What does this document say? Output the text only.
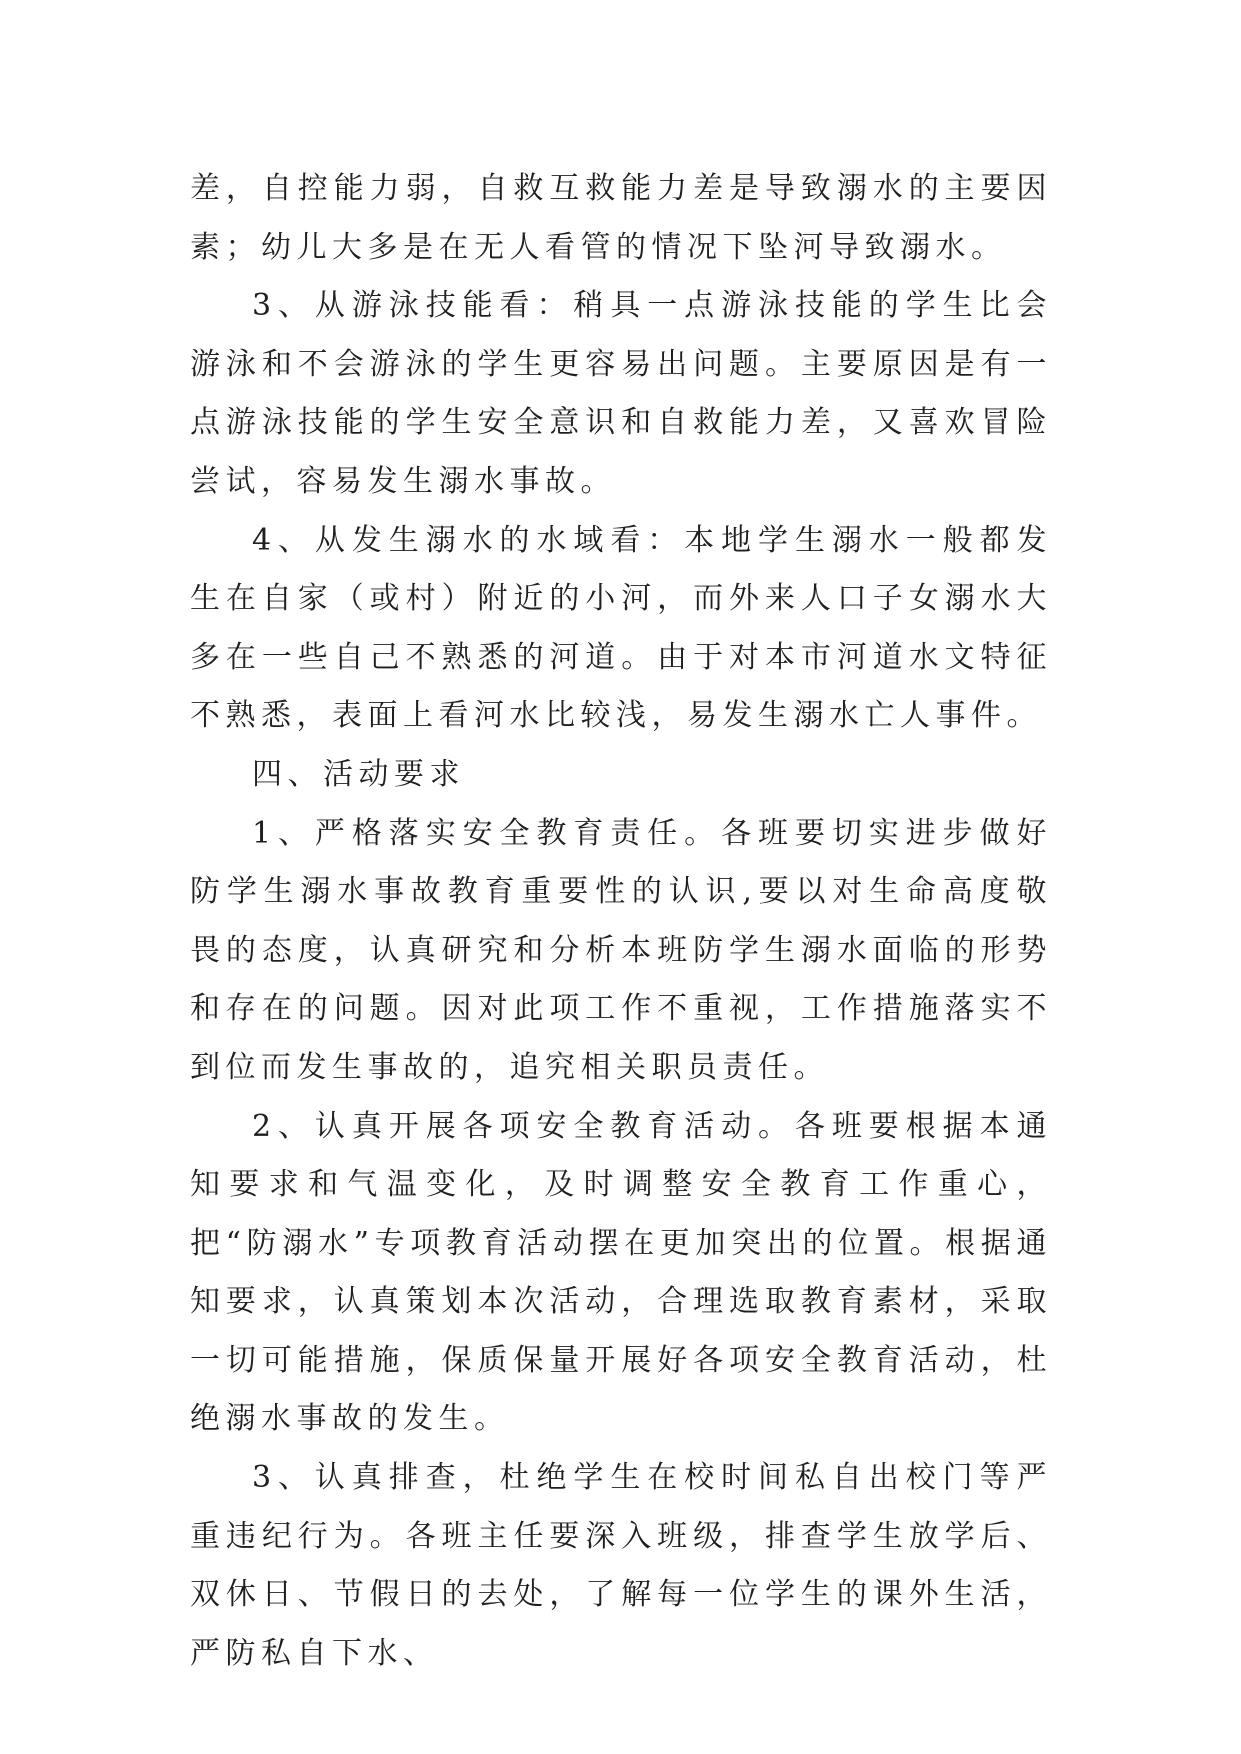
差，自控能力弱，自救互救能力差是导致溺水的主要因素；幼儿大多是在无人看管的情况下坠河导致溺水。

3、从游泳技能看：稍具一点游泳技能的学生比会游泳和不会游泳的学生更容易出问题。主要原因是有一点游泳技能的学生安全意识和自救能力差，又喜欢冒险尝试，容易发生溺水事故。

4、从发生溺水的水域看：本地学生溺水一般都发生在自家（或村）附近的小河，而外来人口子女溺水大多在一些自己不熟悉的河道。由于对本市河道水文特征不熟悉，表面上看河水比较浅，易发生溺水亡人事件。

四、活动要求

1、严格落实安全教育责任。各班要切实进步做好防学生溺水事故教育重要性的认识,要以对生命高度敬畏的态度，认真研究和分析本班防学生溺水面临的形势和存在的问题。因对此项工作不重视，工作措施落实不到位而发生事故的，追究相关职员责任。

2、认真开展各项安全教育活动。各班要根据本通知要求和气温变化，及时调整安全教育工作重心，把“防溺水”专项教育活动摆在更加突出的位置。根据通知要求，认真策划本次活动，合理选取教育素材，采取一切可能措施，保质保量开展好各项安全教育活动，杜绝溺水事故的发生。

3、认真排查，杜绝学生在校时间私自出校门等严重违纪行为。各班主任要深入班级，排查学生放学后、双休日、节假日的去处，了解每一位学生的课外生活，严防私自下水、
